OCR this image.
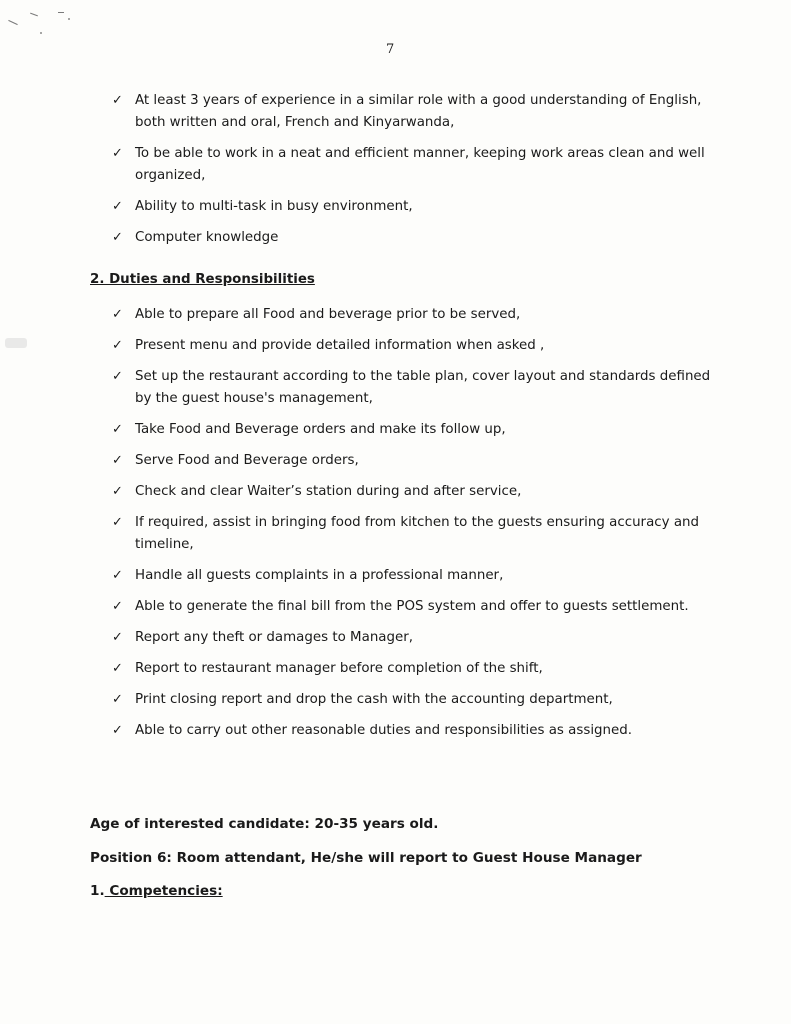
7
✓ At least 3 years of experience in a similar role with a good understanding of English, both written and oral, French and Kinyarwanda,
✓ To be able to work in a neat and efficient manner, keeping work areas clean and well organized,
✓ Ability to multi-task in busy environment,
✓ Computer knowledge
2. Duties and Responsibilities
✓ Able to prepare all Food and beverage prior to be served,
✓ Present menu and provide detailed information when asked ,
✓ Set up the restaurant according to the table plan, cover layout and standards defined by the guest house's management,
✓ Take Food and Beverage orders and make its follow up,
✓ Serve Food and Beverage orders,
✓ Check and clear Waiter’s station during and after service,
✓ If required, assist in bringing food from kitchen to the guests ensuring accuracy and timeline,
✓ Handle all guests complaints in a professional manner,
✓ Able to generate the final bill from the POS system and offer to guests settlement.
✓ Report any theft or damages to Manager,
✓ Report to restaurant manager before completion of the shift,
✓ Print closing report and drop the cash with the accounting department,
✓ Able to carry out other reasonable duties and responsibilities as assigned.
Age of interested candidate: 20-35 years old.
Position 6: Room attendant, He/she will report to Guest House Manager
1. Competencies:
